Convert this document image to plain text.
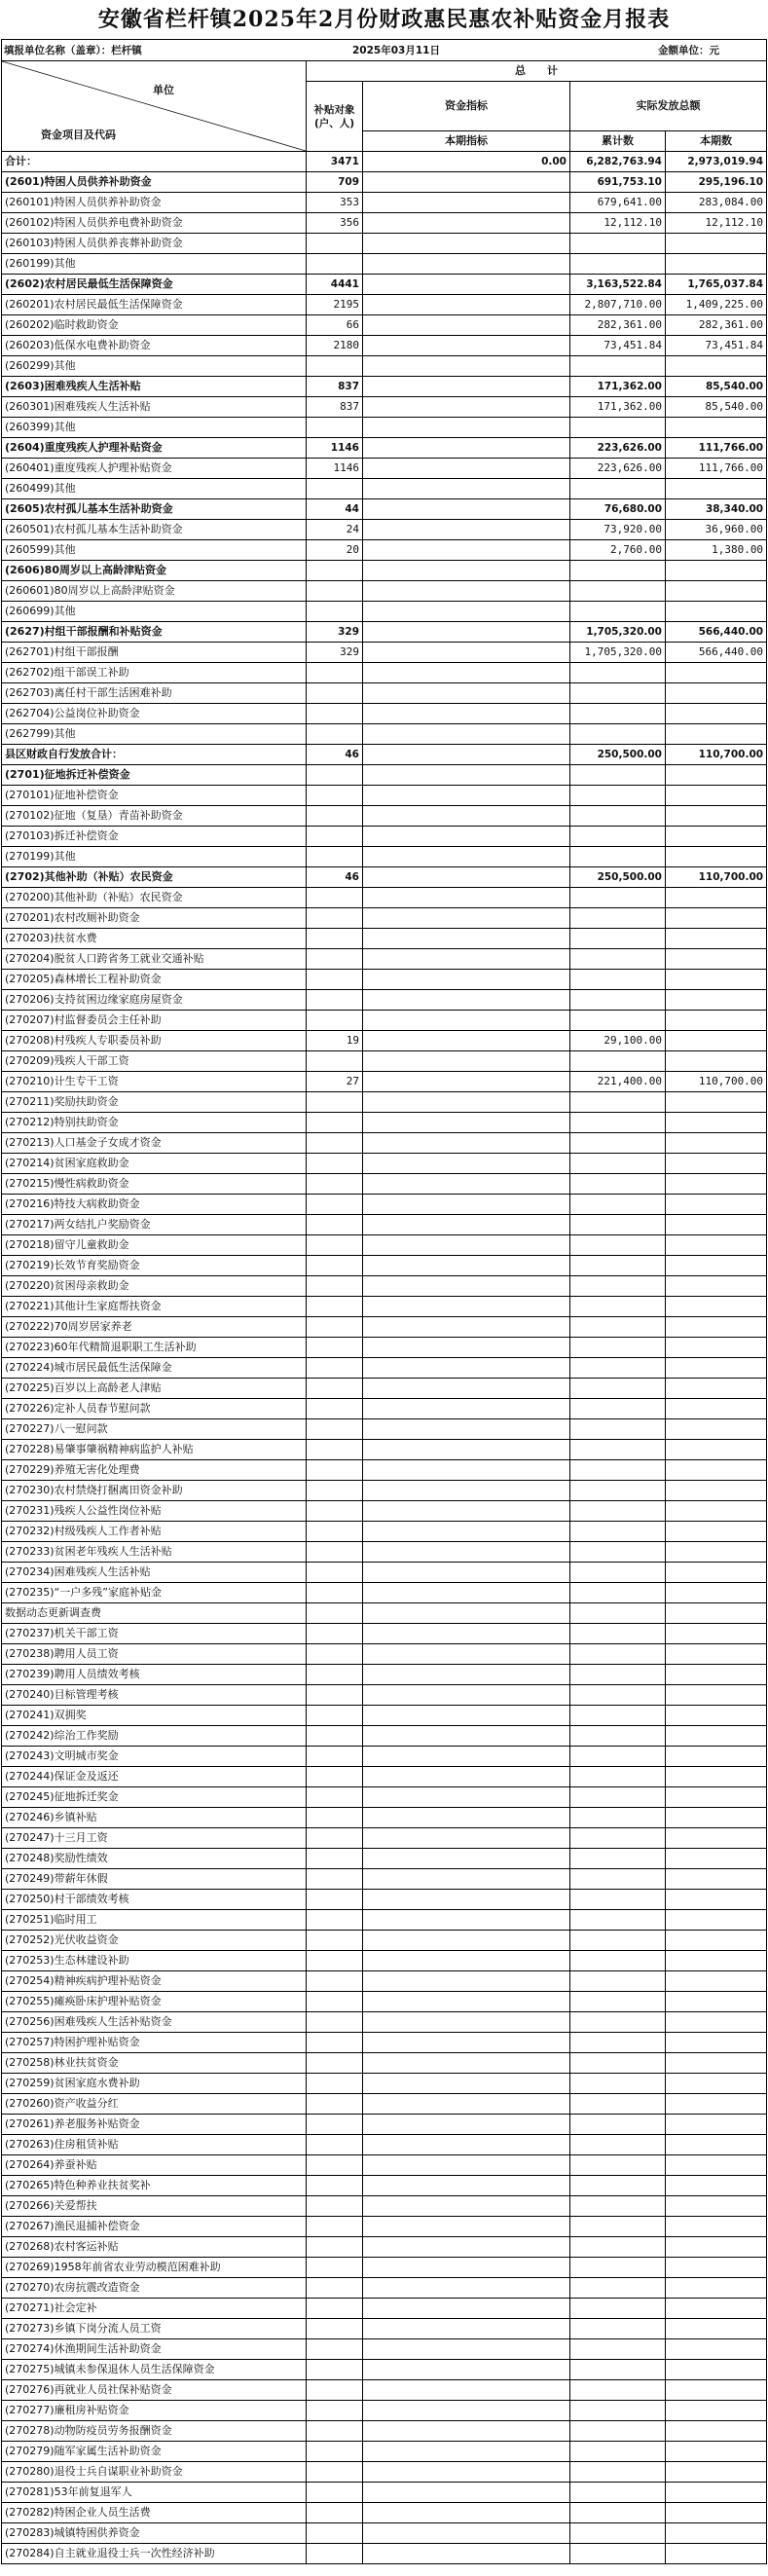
安徽省栏杆镇2025年2月份财政惠民惠农补贴资金月报表
填报单位名称（盖章）：栏杆镇	2025年03月11日	金额单位：元
单位
资金项目及代码	总　　计			
	补贴对象(户、人)	资金指标	实际发放总额	
		本期指标	累计数	本期数
合计：	3471	0.00	6,282,763.94	2,973,019.94
(2601)特困人员供养补助资金	709		691,753.10	295,196.10
(260101)特困人员供养补助资金	353		679,641.00	283,084.00
(260102)特困人员供养电费补助资金	356		12,112.10	12,112.10
(260103)特困人员供养丧葬补助资金				
(260199)其他				
(2602)农村居民最低生活保障资金	4441		3,163,522.84	1,765,037.84
(260201)农村居民最低生活保障资金	2195		2,807,710.00	1,409,225.00
(260202)临时救助资金	66		282,361.00	282,361.00
(260203)低保水电费补助资金	2180		73,451.84	73,451.84
(260299)其他				
(2603)困难残疾人生活补贴	837		171,362.00	85,540.00
(260301)困难残疾人生活补贴	837		171,362.00	85,540.00
(260399)其他				
(2604)重度残疾人护理补贴资金	1146		223,626.00	111,766.00
(260401)重度残疾人护理补贴资金	1146		223,626.00	111,766.00
(260499)其他				
(2605)农村孤儿基本生活补助资金	44		76,680.00	38,340.00
(260501)农村孤儿基本生活补助资金	24		73,920.00	36,960.00
(260599)其他	20		2,760.00	1,380.00
(2606)80周岁以上高龄津贴资金				
(260601)80周岁以上高龄津贴资金				
(260699)其他				
(2627)村组干部报酬和补贴资金	329		1,705,320.00	566,440.00
(262701)村组干部报酬	329		1,705,320.00	566,440.00
(262702)组干部误工补助				
(262703)离任村干部生活困难补助				
(262704)公益岗位补助资金				
(262799)其他				
县区财政自行发放合计：	46		250,500.00	110,700.00
(2701)征地拆迁补偿资金				
(270101)征地补偿资金				
(270102)征地（复垦）青苗补助资金				
(270103)拆迁补偿资金				
(270199)其他				
(2702)其他补助（补贴）农民资金	46		250,500.00	110,700.00
(270200)其他补助（补贴）农民资金				
(270201)农村改厕补助资金				
(270203)扶贫水费				
(270204)脱贫人口跨省务工就业交通补贴				
(270205)森林增长工程补助资金				
(270206)支持贫困边缘家庭房屋资金				
(270207)村监督委员会主任补助				
(270208)村残疾人专职委员补助	19		29,100.00	
(270209)残疾人干部工资				
(270210)计生专干工资	27		221,400.00	110,700.00
(270211)奖励扶助资金				
(270212)特别扶助资金				
(270213)人口基金子女成才资金				
(270214)贫困家庭救助金				
(270215)慢性病救助资金				
(270216)特技大病救助资金				
(270217)两女结扎户奖励资金				
(270218)留守儿童救助金				
(270219)长效节育奖励资金				
(270220)贫困母亲救助金				
(270221)其他计生家庭帮扶资金				
(270222)70周岁居家养老				
(270223)60年代精简退职职工生活补助				
(270224)城市居民最低生活保障金				
(270225)百岁以上高龄老人津贴				
(270226)定补人员春节慰问款				
(270227)八一慰问款				
(270228)易肇事肇祸精神病监护人补贴				
(270229)养殖无害化处理费				
(270230)农村禁烧打捆离田资金补助				
(270231)残疾人公益性岗位补贴				
(270232)村级残疾人工作者补贴				
(270233)贫困老年残疾人生活补贴				
(270234)困难残疾人生活补贴				
(270235)“一户多残”家庭补贴金				
数据动态更新调查费				
(270237)机关干部工资				
(270238)聘用人员工资				
(270239)聘用人员绩效考核				
(270240)目标管理考核				
(270241)双拥奖				
(270242)综治工作奖励				
(270243)文明城市奖金				
(270244)保证金及返还				
(270245)征地拆迁奖金				
(270246)乡镇补贴				
(270247)十三月工资				
(270248)奖励性绩效				
(270249)带薪年休假				
(270250)村干部绩效考核				
(270251)临时用工				
(270252)光伏收益资金				
(270253)生态林建设补助				
(270254)精神疾病护理补贴资金				
(270255)瘫痪卧床护理补贴资金				
(270256)困难残疾人生活补贴资金				
(270257)特困护理补贴资金				
(270258)林业扶贫资金				
(270259)贫困家庭水费补助				
(270260)资产收益分红				
(270261)养老服务补贴资金				
(270263)住房租赁补贴				
(270264)养蚕补贴				
(270265)特色种养业扶贫奖补				
(270266)关爱帮扶				
(270267)渔民退捕补偿资金				
(270268)农村客运补贴				
(270269)1958年前省农业劳动模范困难补助				
(270270)农房抗震改造资金				
(270271)社会定补				
(270273)乡镇下岗分流人员工资				
(270274)休渔期间生活补助资金				
(270275)城镇未参保退休人员生活保障资金				
(270276)再就业人员社保补贴资金				
(270277)廉租房补贴资金				
(270278)动物防疫员劳务报酬资金				
(270279)随军家属生活补助资金				
(270280)退役士兵自谋职业补助资金				
(270281)53年前复退军人				
(270282)特困企业人员生活费				
(270283)城镇特困供养资金				
(270284)自主就业退役士兵一次性经济补助				
